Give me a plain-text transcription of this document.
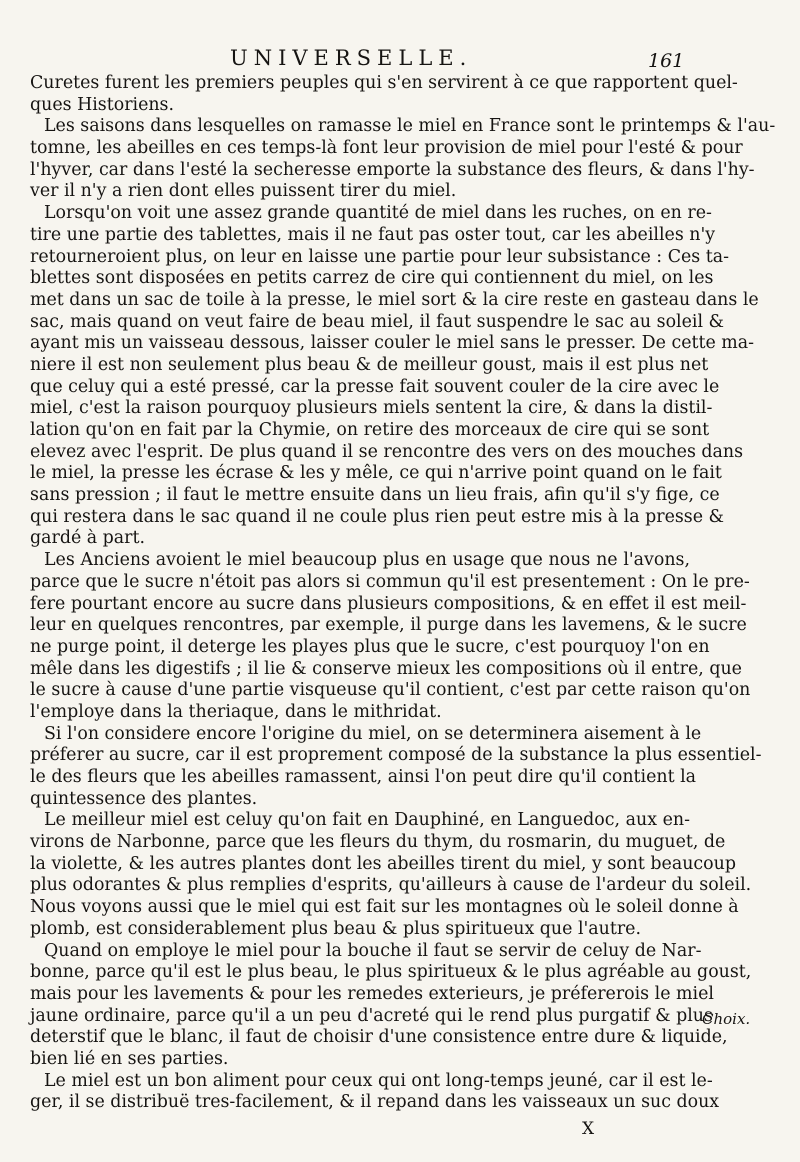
UNIVERSELLE.	161
Curetes furent les premiers peuples qui s'en servirent à ce que rapportent quel-
ques Historiens.
Les saisons dans lesquelles on ramasse le miel en France sont le printemps & l'au-
tomne, les abeilles en ces temps-là font leur provision de miel pour l'esté & pour
l'hyver, car dans l'esté la secheresse emporte la substance des fleurs, & dans l'hy-
ver il n'y a rien dont elles puissent tirer du miel.
Lorsqu'on voit une assez grande quantité de miel dans les ruches, on en re-
tire une partie des tablettes, mais il ne faut pas oster tout, car les abeilles n'y
retourneroient plus, on leur en laisse une partie pour leur subsistance : Ces ta-
blettes sont disposées en petits carrez de cire qui contiennent du miel, on les
met dans un sac de toile à la presse, le miel sort & la cire reste en gasteau dans le
sac, mais quand on veut faire de beau miel, il faut suspendre le sac au soleil &
ayant mis un vaisseau dessous, laisser couler le miel sans le presser. De cette ma-
niere il est non seulement plus beau & de meilleur goust, mais il est plus net
que celuy qui a esté pressé, car la presse fait souvent couler de la cire avec le
miel, c'est la raison pourquoy plusieurs miels sentent la cire, & dans la distil-
lation qu'on en fait par la Chymie, on retire des morceaux de cire qui se sont
elevez avec l'esprit. De plus quand il se rencontre des vers on des mouches dans
le miel, la presse les écrase & les y mêle, ce qui n'arrive point quand on le fait
sans pression ; il faut le mettre ensuite dans un lieu frais, afin qu'il s'y fige, ce
qui restera dans le sac quand il ne coule plus rien peut estre mis à la presse &
gardé à part.
Les Anciens avoient le miel beaucoup plus en usage que nous ne l'avons,
parce que le sucre n'étoit pas alors si commun qu'il est presentement : On le pre-
fere pourtant encore au sucre dans plusieurs compositions, & en effet il est meil-
leur en quelques rencontres, par exemple, il purge dans les lavemens, & le sucre
ne purge point, il deterge les playes plus que le sucre, c'est pourquoy l'on en
mêle dans les digestifs ; il lie & conserve mieux les compositions où il entre, que
le sucre à cause d'une partie visqueuse qu'il contient, c'est par cette raison qu'on
l'employe dans la theriaque, dans le mithridat.
Si l'on considere encore l'origine du miel, on se determinera aisement à le
préferer au sucre, car il est proprement composé de la substance la plus essentiel-
le des fleurs que les abeilles ramassent, ainsi l'on peut dire qu'il contient la
quintessence des plantes.
Le meilleur miel est celuy qu'on fait en Dauphiné, en Languedoc, aux en-
virons de Narbonne, parce que les fleurs du thym, du rosmarin, du muguet, de
la violette, & les autres plantes dont les abeilles tirent du miel, y sont beaucoup
plus odorantes & plus remplies d'esprits, qu'ailleurs à cause de l'ardeur du soleil.
Nous voyons aussi que le miel qui est fait sur les montagnes où le soleil donne à
plomb, est considerablement plus beau & plus spiritueux que l'autre.
Quand on employe le miel pour la bouche il faut se servir de celuy de Nar-
bonne, parce qu'il est le plus beau, le plus spiritueux & le plus agréable au goust,
mais pour les lavements & pour les remedes exterieurs, je préfererois le miel
jaune ordinaire, parce qu'il a un peu d'acreté qui le rend plus purgatif & plus
deterstif que le blanc, il faut de choisir d'une consistence entre dure & liquide,
bien lié en ses parties.
Le miel est un bon aliment pour ceux qui ont long-temps jeuné, car il est le-
ger, il se distribuë tres-facilement, & il repand dans les vaisseaux un suc doux
Choix.
X
